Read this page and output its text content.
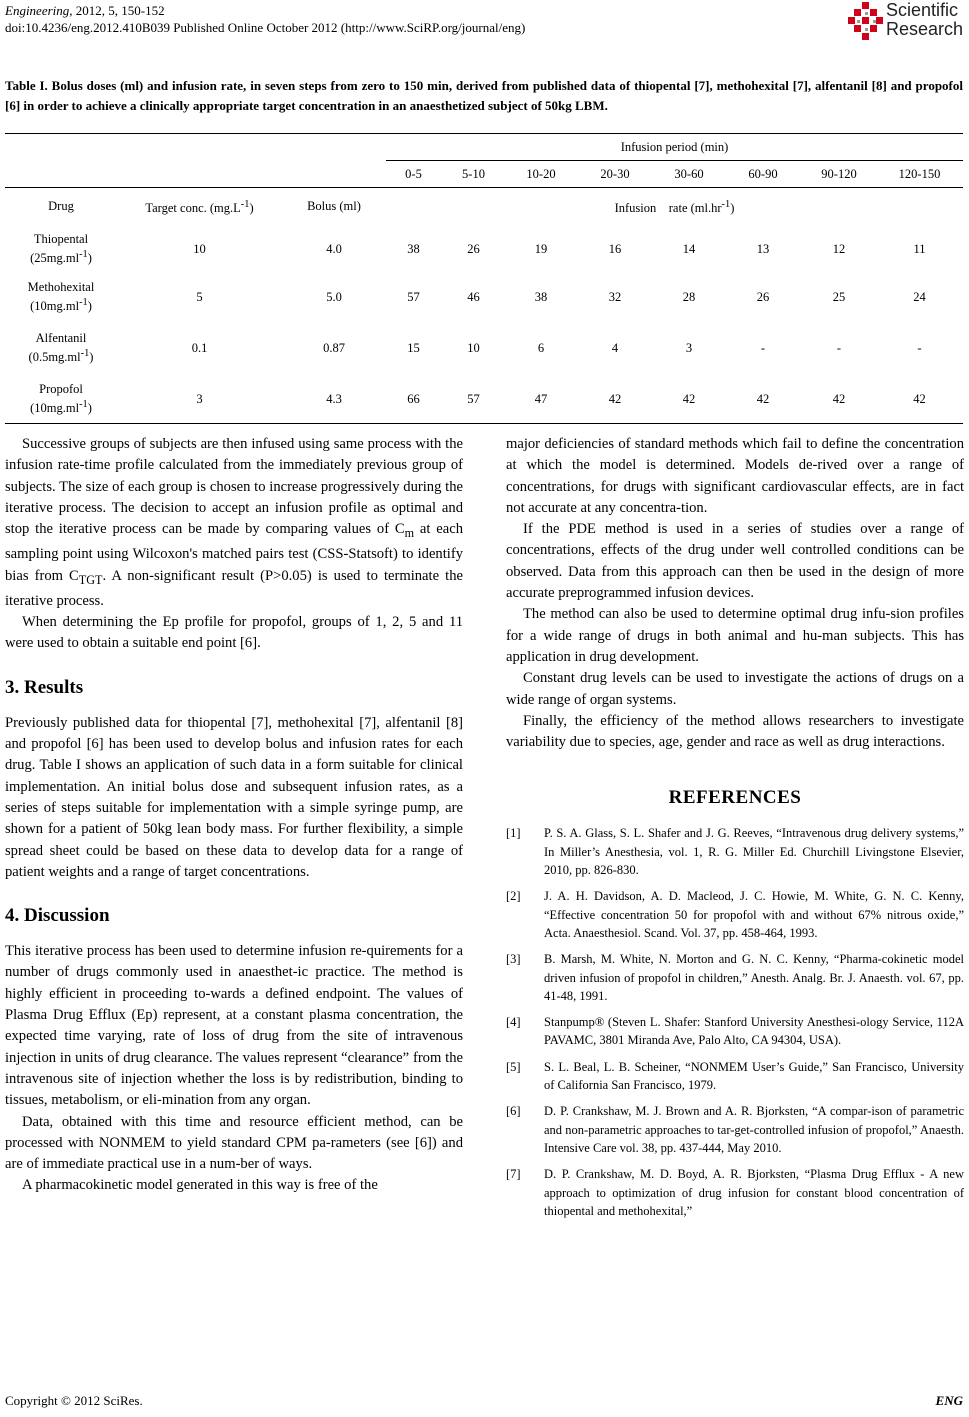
Engineering, 2012, 5, 150-152
doi:10.4236/eng.2012.410B039 Published Online October 2012 (http://www.SciRP.org/journal/eng)
Scientific
Research
Table I. Bolus doses (ml) and infusion rate, in seven steps from zero to 150 min, derived from published data of thiopental [7], methohexital [7], alfentanil [8] and propofol [6] in order to achieve a clinically appropriate target concentration in an anaesthetized subject of 50kg LBM.
			Infusion period (min)							
			0-5	5-10	10-20	20-30	30-60	60-90	90-120	120-150
Drug	Target conc. $(mg.L^{-1})$	Bolus (ml)	Infusion    rate $(ml.hr^{-1})$							

Thiopental
$(25mg.ml^{-1})$	10	4.0	38	26	19	16	14	13	12	11

Methohexital
$(10mg.ml^{-1})$	5	5.0	57	46	38	32	28	26	25	24

Alfentanil
$(0.5mg.ml^{-1})$	0.1	0.87	15	10	6	4	3	-	-	-

Propofol
$(10mg.ml^{-1})$	3	4.3	66	57	47	42	42	42	42	42

Successive groups of subjects are then infused using same process with the infusion rate-time profile calculated from the immediately previous group of subjects. The size of each group is chosen to increase progressively during the iterative process. The decision to accept an infusion profile as optimal and stop the iterative process can be made by comparing values of $C_m$ at each sampling point using Wilcoxon's matched pairs test (CSS-Statsoft) to identify bias from $C_{TGT}$. A non-significant result (P>0.05) is used to terminate the iterative process.

When determining the Ep profile for propofol, groups of 1, 2, 5 and 11 were used to obtain a suitable end point [6].

3. Results

Previously published data for thiopental [7], methohexital [7], alfentanil [8] and propofol [6] has been used to develop bolus and infusion rates for each drug. Table I shows an application of such data in a form suitable for clinical implementation. An initial bolus dose and subsequent infusion rates, as a series of steps suitable for implementation with a simple syringe pump, are shown for a patient of 50kg lean body mass. For further flexibility, a simple spread sheet could be based on these data to develop data for a range of patient weights and a range of target concentrations.

4. Discussion

This iterative process has been used to determine infusion re-quirements for a number of drugs commonly used in anaesthet-ic practice. The method is highly efficient in proceeding to-wards a defined endpoint. The values of Plasma Drug Efflux (Ep) represent, at a constant plasma concentration, the expected time varying, rate of loss of drug from the site of intravenous injection in units of drug clearance. The values represent “clearance” from the intravenous site of injection whether the loss is by redistribution, binding to tissues, metabolism, or eli-mination from any organ.

Data, obtained with this time and resource efficient method, can be processed with NONMEM to yield standard CPM pa-rameters (see [6]) and are of immediate practical use in a num-ber of ways.

A pharmacokinetic model generated in this way is free of the

major deficiencies of standard methods which fail to define the concentration at which the model is determined. Models de-rived over a range of concentrations, for drugs with significant cardiovascular effects, are in fact not accurate at any concentra-tion.

If the PDE method is used in a series of studies over a range of concentrations, effects of the drug under well controlled conditions can be observed. Data from this approach can then be used in the design of more accurate preprogrammed infusion devices.

The method can also be used to determine optimal drug infu-sion profiles for a wide range of drugs in both animal and hu-man subjects. This has application in drug development.

Constant drug levels can be used to investigate the actions of drugs on a wide range of organ systems.

Finally, the efficiency of the method allows researchers to investigate variability due to species, age, gender and race as well as drug interactions.

REFERENCES
[1]	P. S. A. Glass, S. L. Shafer and J. G. Reeves, “Intravenous drug delivery systems,” In Miller’s Anesthesia, vol. 1, R. G. Miller Ed. Churchill Livingstone Elsevier, 2010, pp. 826-830.
[2]	J. A. H. Davidson, A. D. Macleod, J. C. Howie, M. White, G. N. C. Kenny, “Effective concentration 50 for propofol with and without 67% nitrous oxide,” Acta. Anaesthesiol. Scand. Vol. 37, pp. 458-464, 1993.
[3]	B. Marsh, M. White, N. Morton and G. N. C. Kenny, “Pharma-cokinetic model driven infusion of propofol in children,” Anesth. Analg. Br. J. Anaesth. vol. 67, pp. 41-48, 1991.
[4]	Stanpump® (Steven L. Shafer: Stanford University Anesthesi-ology Service, 112A PAVAMC, 3801 Miranda Ave, Palo Alto, CA 94304, USA).
[5]	S. L. Beal, L. B. Scheiner, “NONMEM User’s Guide,” San Francisco, University of California San Francisco, 1979.
[6]	D. P. Crankshaw, M. J. Brown and A. R. Bjorksten, “A compar-ison of parametric and non-parametric approaches to tar-get-controlled infusion of propofol,” Anaesth. Intensive Care vol. 38, pp. 437-444, May 2010.
[7]	D. P. Crankshaw, M. D. Boyd, A. R. Bjorksten, “Plasma Drug Efflux - A new approach to optimization of drug infusion for constant blood concentration of thiopental and methohexital,”
Copyright © 2012 SciRes.	ENG
